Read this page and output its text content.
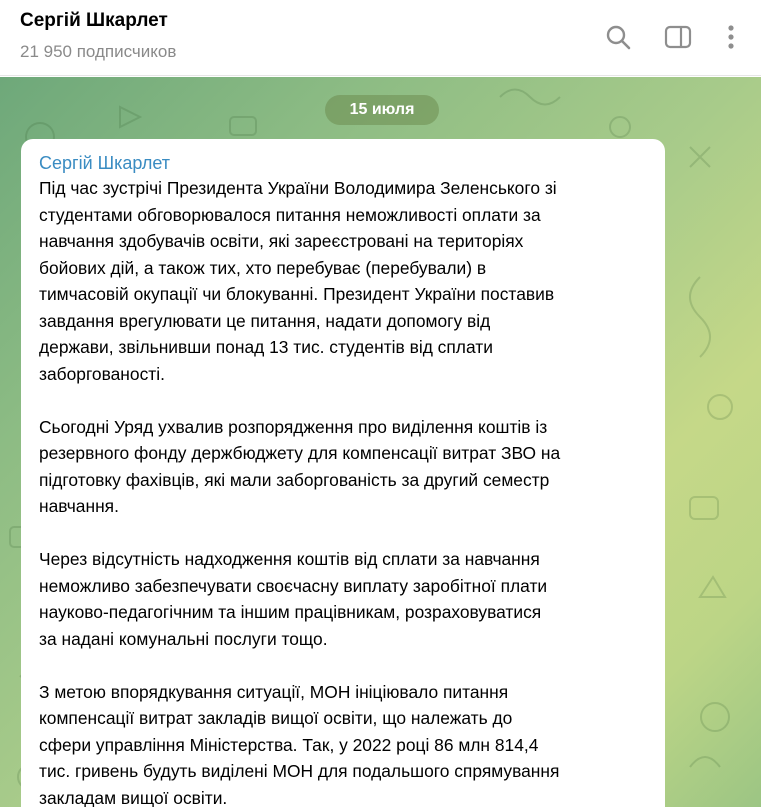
Сергій Шкарлет
21 950 подписчиков
15 июля
Сергій Шкарлет
Під час зустрічі Президента України Володимира Зеленського зі
студентами обговорювалося питання неможливості оплати за
навчання здобувачів освіти, які зареєстровані на територіях
бойових дій, а також тих, хто перебуває (перебували) в
тимчасовій окупації чи блокуванні. Президент України поставив
завдання врегулювати це питання, надати допомогу від
держави, звільнивши понад 13 тис. студентів від сплати
заборгованості.
Сьогодні Уряд ухвалив розпорядження про виділення коштів із
резервного фонду держбюджету для компенсації витрат ЗВО на
підготовку фахівців, які мали заборгованість за другий семестр
навчання.
Через відсутність надходження коштів від сплати за навчання
неможливо забезпечувати своєчасну виплату заробітної плати
науково-педагогічним та іншим працівникам, розраховуватися
за надані комунальні послуги тощо.
З метою впорядкування ситуації, МОН ініціювало питання
компенсації витрат закладів вищої освіти, що належать до
сфери управління Міністерства. Так, у 2022 році 86 млн 814,4
тис. гривень будуть виділені МОН для подальшого спрямування
закладам вищої освіти.
